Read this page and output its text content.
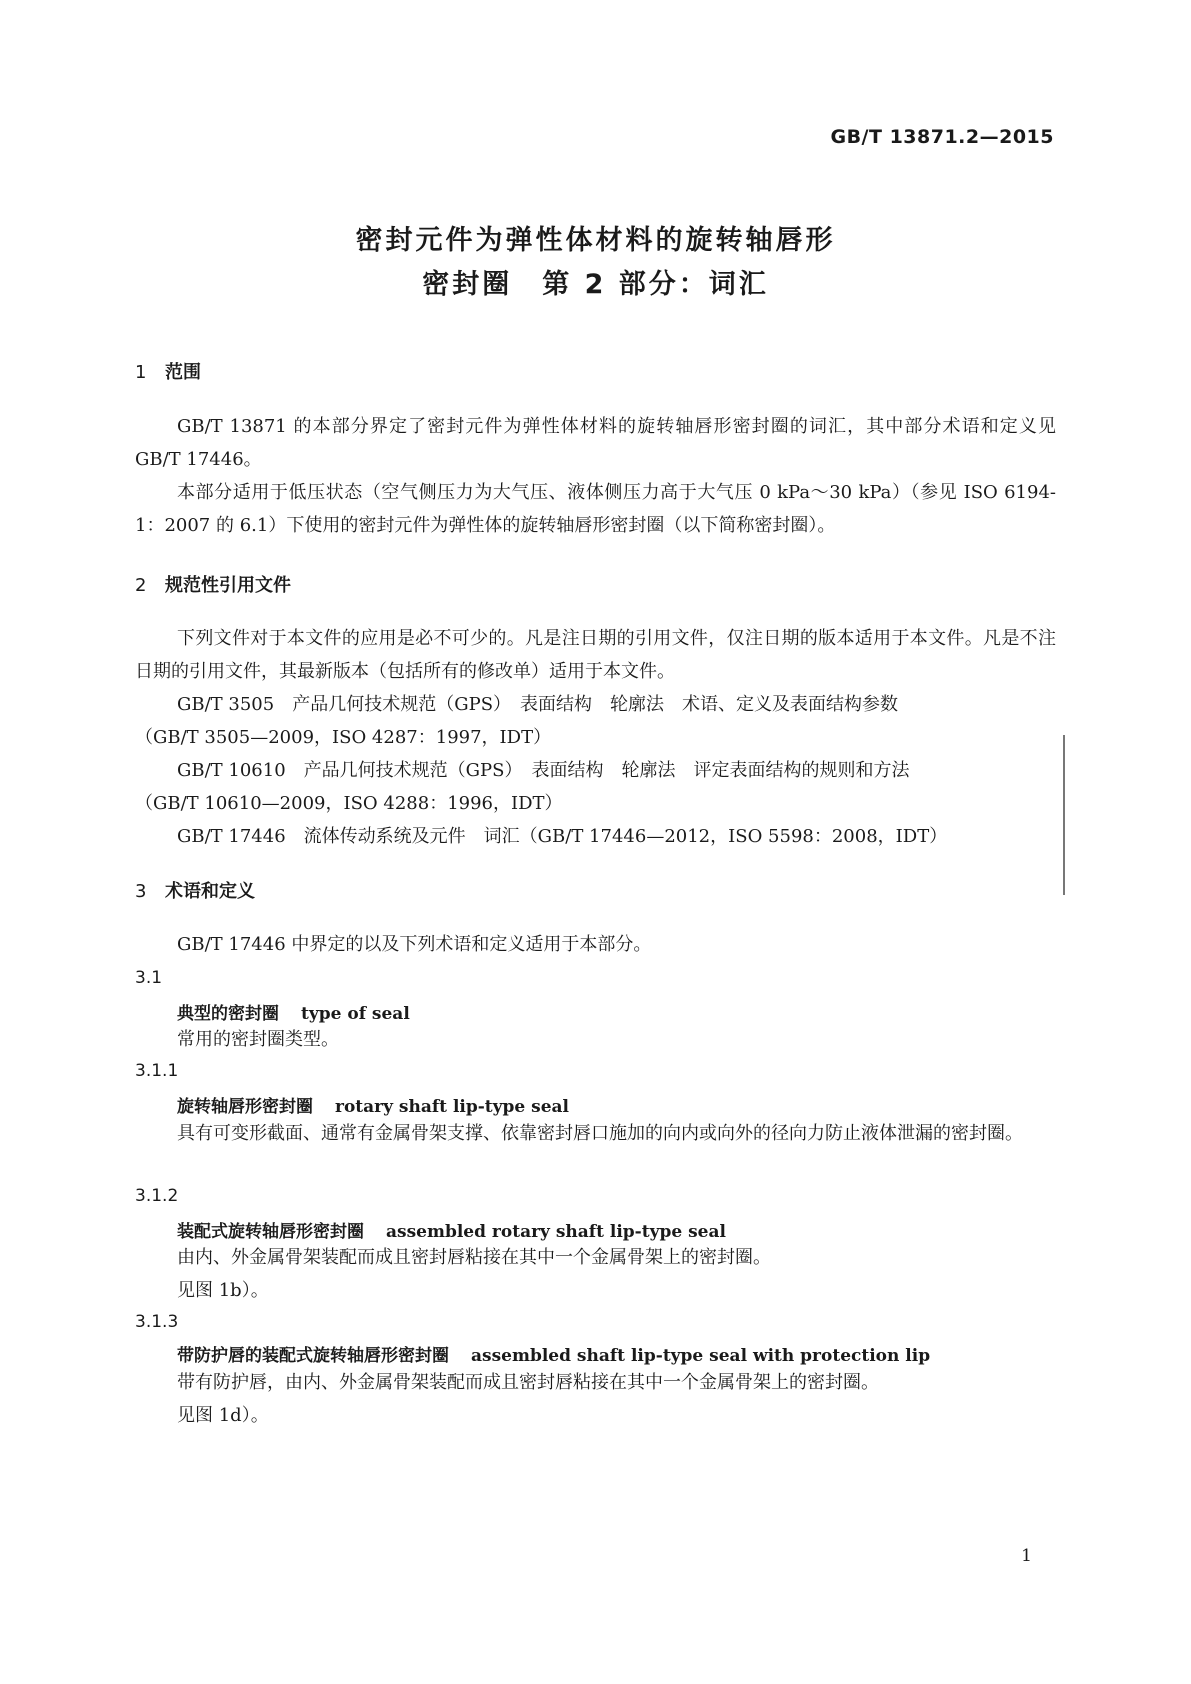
GB/T 13871.2—2015
密封元件为弹性体材料的旋转轴唇形
密封圈　第 2 部分：词汇
1 范围
GB/T 13871 的本部分界定了密封元件为弹性体材料的旋转轴唇形密封圈的词汇，其中部分术语和定义见 GB/T 17446。
本部分适用于低压状态（空气侧压力为大气压、液体侧压力高于大气压 0 kPa～30 kPa）（参见 ISO 6194-1：2007 的 6.1）下使用的密封元件为弹性体的旋转轴唇形密封圈（以下简称密封圈）。
2 规范性引用文件
下列文件对于本文件的应用是必不可少的。凡是注日期的引用文件，仅注日期的版本适用于本文件。凡是不注日期的引用文件，其最新版本（包括所有的修改单）适用于本文件。
GB/T 3505　产品几何技术规范（GPS）　表面结构　轮廓法　术语、定义及表面结构参数
（GB/T 3505—2009，ISO 4287：1997，IDT）
GB/T 10610　产品几何技术规范（GPS）　表面结构　轮廓法　评定表面结构的规则和方法
（GB/T 10610—2009，ISO 4288：1996，IDT）
GB/T 17446　流体传动系统及元件　词汇（GB/T 17446—2012，ISO 5598：2008，IDT）
3 术语和定义
GB/T 17446 中界定的以及下列术语和定义适用于本部分。
3.1
典型的密封圈 type of seal
常用的密封圈类型。
3.1.1
旋转轴唇形密封圈 rotary shaft lip-type seal
具有可变形截面、通常有金属骨架支撑、依靠密封唇口施加的向内或向外的径向力防止液体泄漏的密封圈。
3.1.2
装配式旋转轴唇形密封圈 assembled rotary shaft lip-type seal
由内、外金属骨架装配而成且密封唇粘接在其中一个金属骨架上的密封圈。
见图 1b）。
3.1.3
带防护唇的装配式旋转轴唇形密封圈 assembled shaft lip-type seal with protection lip
带有防护唇，由内、外金属骨架装配而成且密封唇粘接在其中一个金属骨架上的密封圈。
见图 1d）。
1
